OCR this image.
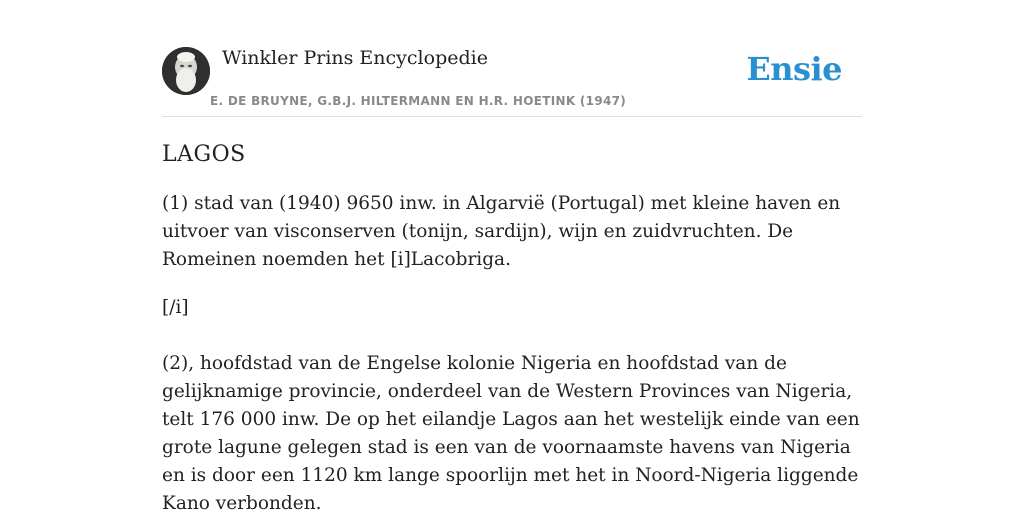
Winkler Prins Encyclopedie
E. DE BRUYNE, G.B.J. HILTERMANN EN H.R. HOETINK (1947)
Ensie
LAGOS

(1) stad van (1940) 9650 inw. in Algarvië (Portugal) met kleine haven en uitvoer van visconserven (tonijn, sardijn), wijn en zuidvruchten. De Romeinen noemden het [i]Lacobriga.

[/i]

(2), hoofdstad van de Engelse kolonie Nigeria en hoofdstad van de gelijknamige provincie, onderdeel van de Western Provinces van Nigeria, telt 176 000 inw. De op het eilandje Lagos aan het westelijk einde van een grote lagune gelegen stad is een van de voornaamste havens van Nigeria en is door een 1120 km lange spoorlijn met het in Noord-Nigeria liggende Kano verbonden.
